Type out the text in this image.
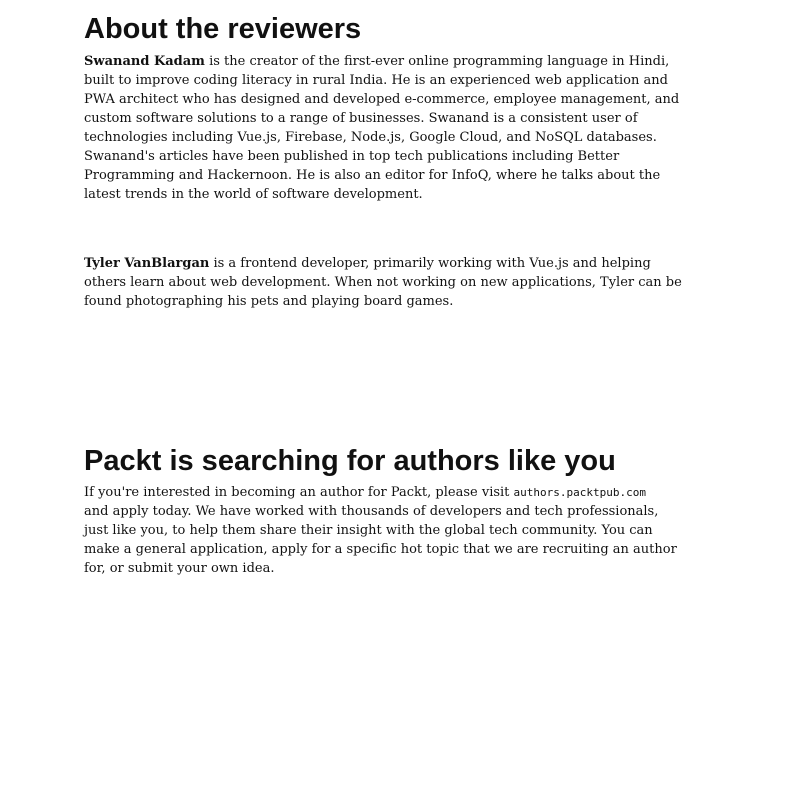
About the reviewers

Swanand Kadam is the creator of the first-ever online programming language in Hindi,
built to improve coding literacy in rural India. He is an experienced web application and
PWA architect who has designed and developed e-commerce, employee management, and
custom software solutions to a range of businesses. Swanand is a consistent user of
technologies including Vue.js, Firebase, Node.js, Google Cloud, and NoSQL databases.
Swanand's articles have been published in top tech publications including Better
Programming and Hackernoon. He is also an editor for InfoQ, where he talks about the
latest trends in the world of software development.

Tyler VanBlargan is a frontend developer, primarily working with Vue.js and helping
others learn about web development. When not working on new applications, Tyler can be
found photographing his pets and playing board games.

Packt is searching for authors like you

If you're interested in becoming an author for Packt, please visit authors.packtpub.com
and apply today. We have worked with thousands of developers and tech professionals,
just like you, to help them share their insight with the global tech community. You can
make a general application, apply for a specific hot topic that we are recruiting an author
for, or submit your own idea.
